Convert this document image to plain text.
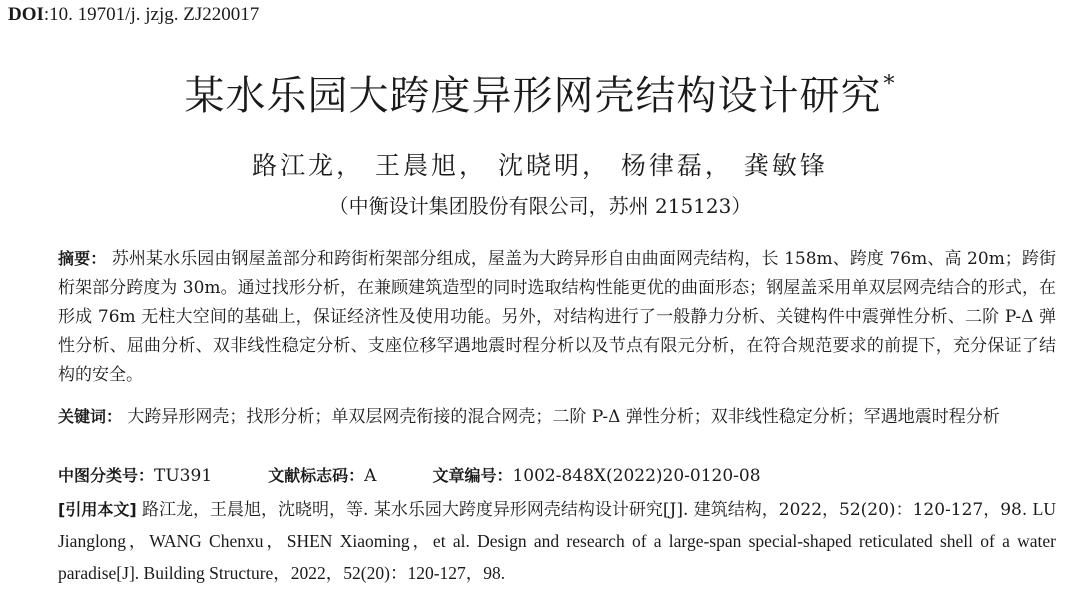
DOI:10. 19701/j. jzjg. ZJ220017
某水乐园大跨度异形网壳结构设计研究*
路江龙， 王晨旭， 沈晓明， 杨律磊， 龚敏锋
（中衡设计集团股份有限公司，苏州 215123）
摘要： 苏州某水乐园由钢屋盖部分和跨街桁架部分组成，屋盖为大跨异形自由曲面网壳结构，长 158m、跨度 76m、高 20m；跨街桁架部分跨度为 30m。通过找形分析，在兼顾建筑造型的同时选取结构性能更优的曲面形态；钢屋盖采用单双层网壳结合的形式，在形成 76m 无柱大空间的基础上，保证经济性及使用功能。另外，对结构进行了一般静力分析、关键构件中震弹性分析、二阶 P-Δ 弹性分析、屈曲分析、双非线性稳定分析、支座位移罕遇地震时程分析以及节点有限元分析，在符合规范要求的前提下，充分保证了结构的安全。
关键词： 大跨异形网壳；找形分析；单双层网壳衔接的混合网壳；二阶 P-Δ 弹性分析；双非线性稳定分析；罕遇地震时程分析
中图分类号：TU391	文献标志码：A	文章编号：1002-848X(2022)20-0120-08
[引用本文] 路江龙，王晨旭，沈晓明，等. 某水乐园大跨度异形网壳结构设计研究[J]. 建筑结构，2022，52(20)：120-127，98. LU Jianglong，WANG Chenxu，SHEN Xiaoming，et al. Design and research of a large-span special-shaped reticulated shell of a water paradise[J]. Building Structure，2022，52(20)：120-127，98.
